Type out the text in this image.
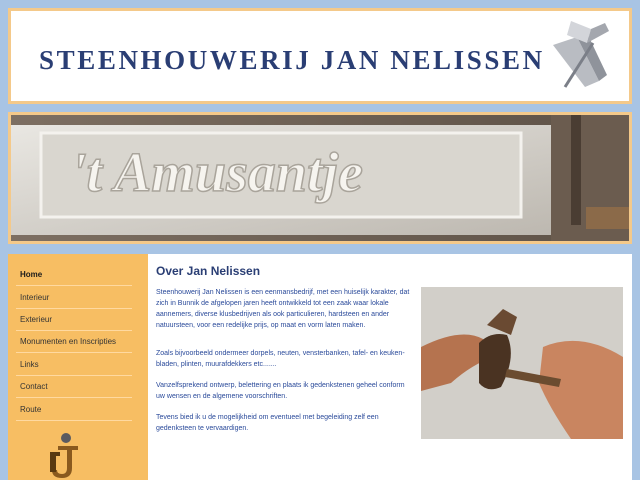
STEENHOUWERIJ JAN NELISSEN
't Amusantje
Home
Interieur
Exterieur
Monumenten en Inscripties
Links
Contact
Route
Over Jan Nelissen
Steenhouwerij Jan Nelissen is een eenmansbedrijf, met een huiselijk karakter, dat zich in Bunnik de afgelopen jaren heeft ontwikkeld tot een zaak waar lokale aannemers, diverse klusbedrijven als ook particulieren, hardsteen en ander natuursteen, voor een redelijke prijs, op maat en vorm laten maken.
Zoals bijvoorbeeld ondermeer dorpels, neuten, vensterbanken, tafel- en keuken-bladen, plinten, muurafdekkers etc.......
Vanzelfsprekend ontwerp, belettering en plaats ik gedenkstenen geheel conform uw wensen en de algemene voorschriften.
Tevens bied ik u de mogelijkheid om eventueel met begeleiding zelf een gedenksteen te vervaardigen.
